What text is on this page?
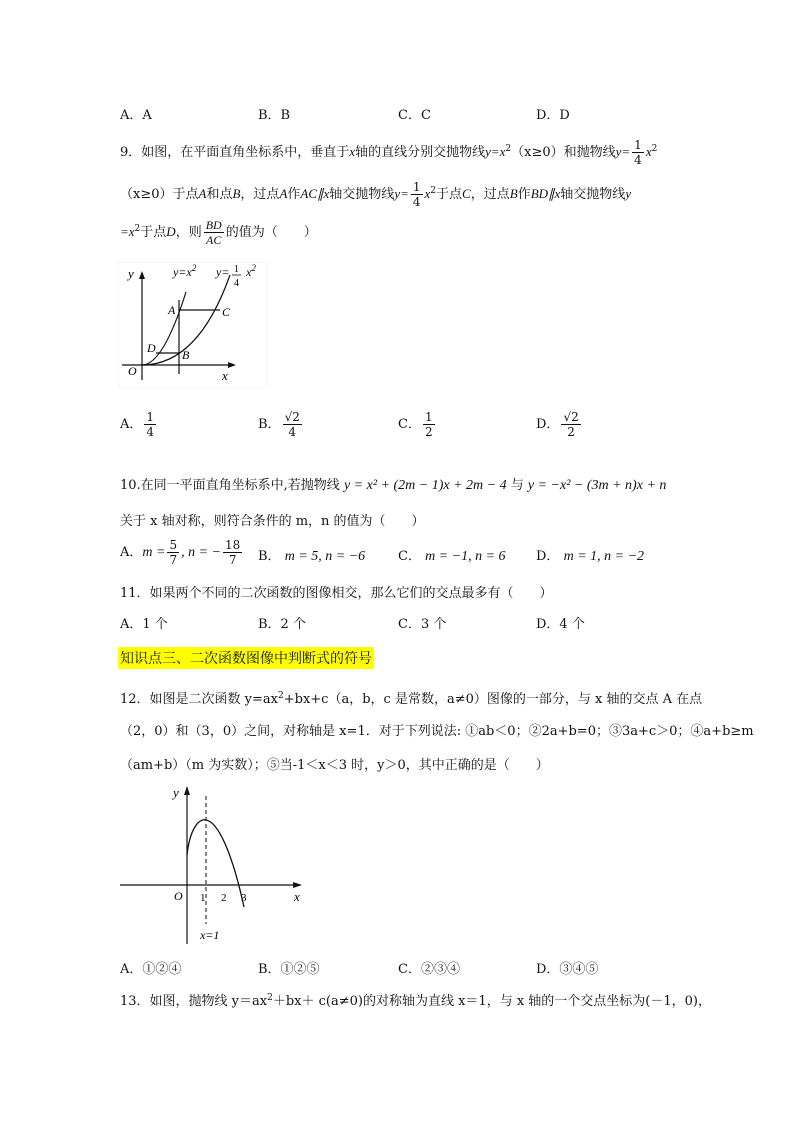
A．A	B．B	C．C	D．D
9．如图，在平面直角坐标系中，垂直于x轴的直线分别交抛物线$y=x^2(x\ge 0)$和抛物线$y= \frac{1}{4} x^2$
（x≥0）于点A和点B，过点A作AC∥x轴交抛物线$y= \frac{1}{4} x^2$于点C，过点B作BD∥x轴交抛物线y
$=x^2$于点D，则 $\frac{BD}{AC}$ 的值为（　　）
y
x
O
$y=x^2$ y= 1
4
$x^2$
A	C
D B
A． $\frac{1}{4}$	B． $\frac{√2}{4}$	C． $\frac{1}{2}$	D． $\frac{√2}{2}$
10.在同一平面直角坐标系中,若抛物线 y = x² + (2m − 1)x + 2m − 4 与 y = −x² − (3m + n)x + n
关于 x 轴对称，则符合条件的 m，n 的值为（　　）
A．$m = \frac{5}{7}$ , n = − $\frac{18}{7}$ B． m = 5, n = −6	C． m = −1, n = 6 D． m = 1, n = −2
11．如果两个不同的二次函数的图像相交，那么它们的交点最多有（　　）
A．1 个	B．2 个	C．3 个	D．4 个
知识点三、二次函数图像中判断式的符号
12．如图是二次函数 $y=ax^2+bx+c(a$，b，c 是常数，a≠0）图像的一部分，与 x 轴的交点 A 在点
（2，0）和（3，0）之间，对称轴是 x=1．对于下列说法: ①ab＜0；②2a+b=0；③3a+c＞0；④a+b≥m
（am+b）（m 为实数）；⑤当-1＜x＜3 时，y＞0，其中正确的是（　　）
y
x
O 1 2 3
x=1
A．①②④	B．①②⑤	C．②③④	D．③④⑤
13．如图，抛物线 $y=ax^2+bx+ c(a\ne 0)$的对称轴为直线 x＝1，与 x 轴的一个交点坐标为(－1，0)，
